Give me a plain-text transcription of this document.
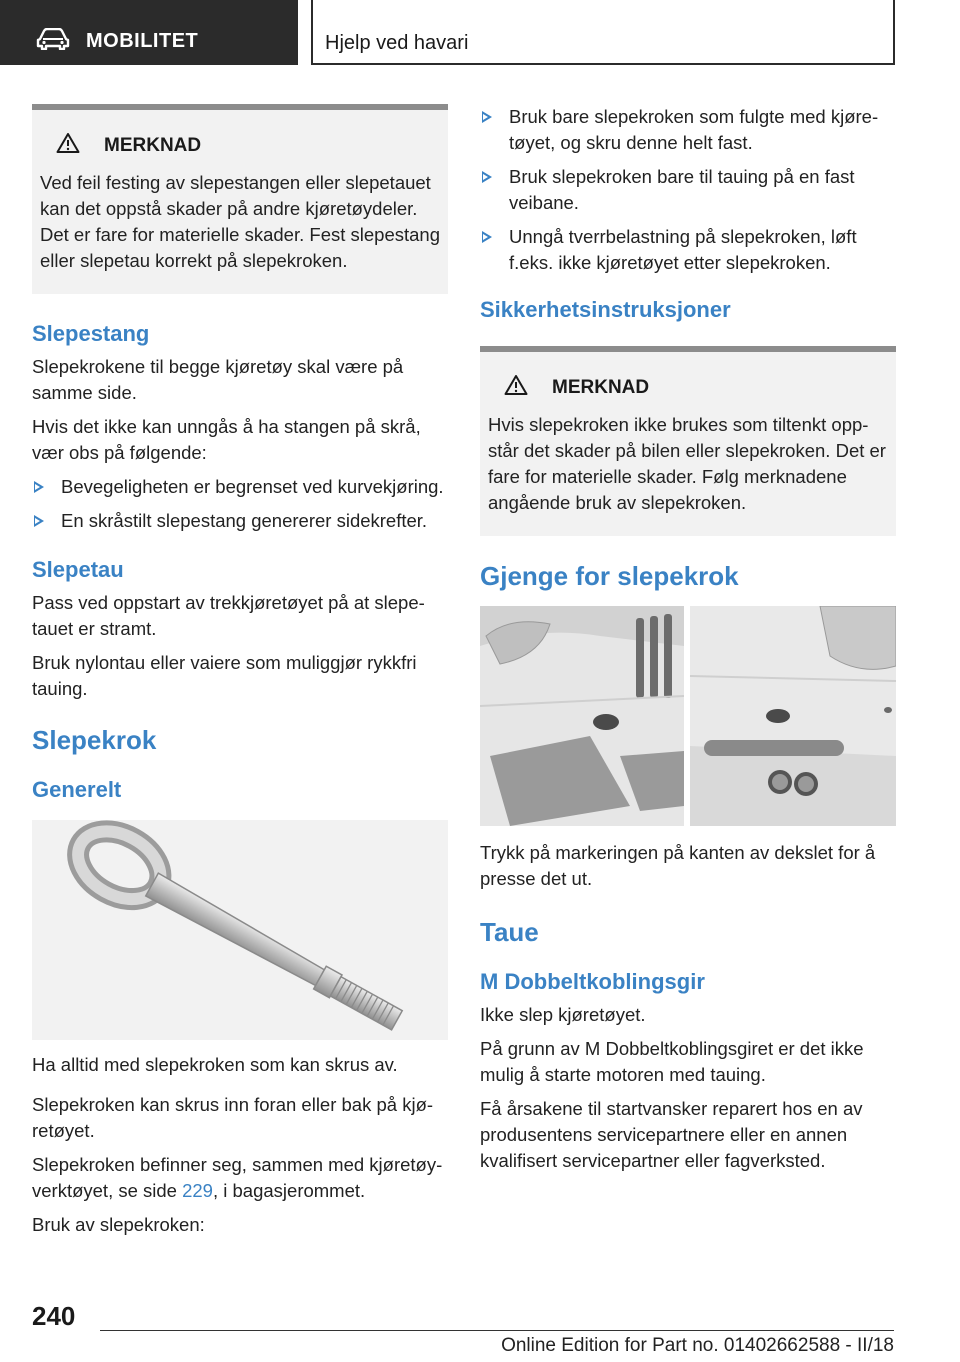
MOBILITET	Hjelp ved havari
MERKNAD

Ved feil festing av slepestangen eller slepetauet kan det oppstå skader på andre kjøretøydeler. Det er fare for materielle skader. Fest slepestang eller slepetau korrekt på slepekroken.

Slepestang

Slepekrokene til begge kjøretøy skal være på samme side.

Hvis det ikke kan unngås å ha stangen på skrå, vær obs på følgende:

Bevegeligheten er begrenset ved kurvekjøring.
En skråstilt slepestang genererer sidekrefter.
Slepetau

Pass ved oppstart av trekkjøretøyet på at slepetauet er stramt.

Bruk nylontau eller vaiere som muliggjør rykkfri tauing.

Slepekrok
Generelt

Ha alltid med slepekroken som kan skrus av.

Slepekroken kan skrus inn foran eller bak på kjøretøyet.

Slepekroken befinner seg, sammen med kjøretøy-verktøyet, se side 229, i bagasjerommet.

Bruk av slepekroken:

Bruk bare slepekroken som fulgte med kjøretøyet, og skru denne helt fast.
Bruk slepekroken bare til tauing på en fast veibane.
Unngå tverrbelastning på slepekroken, løft f.eks. ikke kjøretøyet etter slepekroken.
Sikkerhetsinstruksjoner
MERKNAD

Hvis slepekroken ikke brukes som tiltenkt oppstår det skader på bilen eller slepekroken. Det er fare for materielle skader. Følg merknadene angående bruk av slepekroken.

Gjenge for slepekrok

Trykk på markeringen på kanten av dekslet for å presse det ut.

Taue
M Dobbeltkoblingsgir

Ikke slep kjøretøyet.

På grunn av M Dobbeltkoblingsgiret er det ikke mulig å starte motoren med tauing.

Få årsakene til startvansker reparert hos en av produsentens servicepartnere eller en annen kvalifisert servicepartner eller fagverksted.

240
Online Edition for Part no. 01402662588 - II/18
